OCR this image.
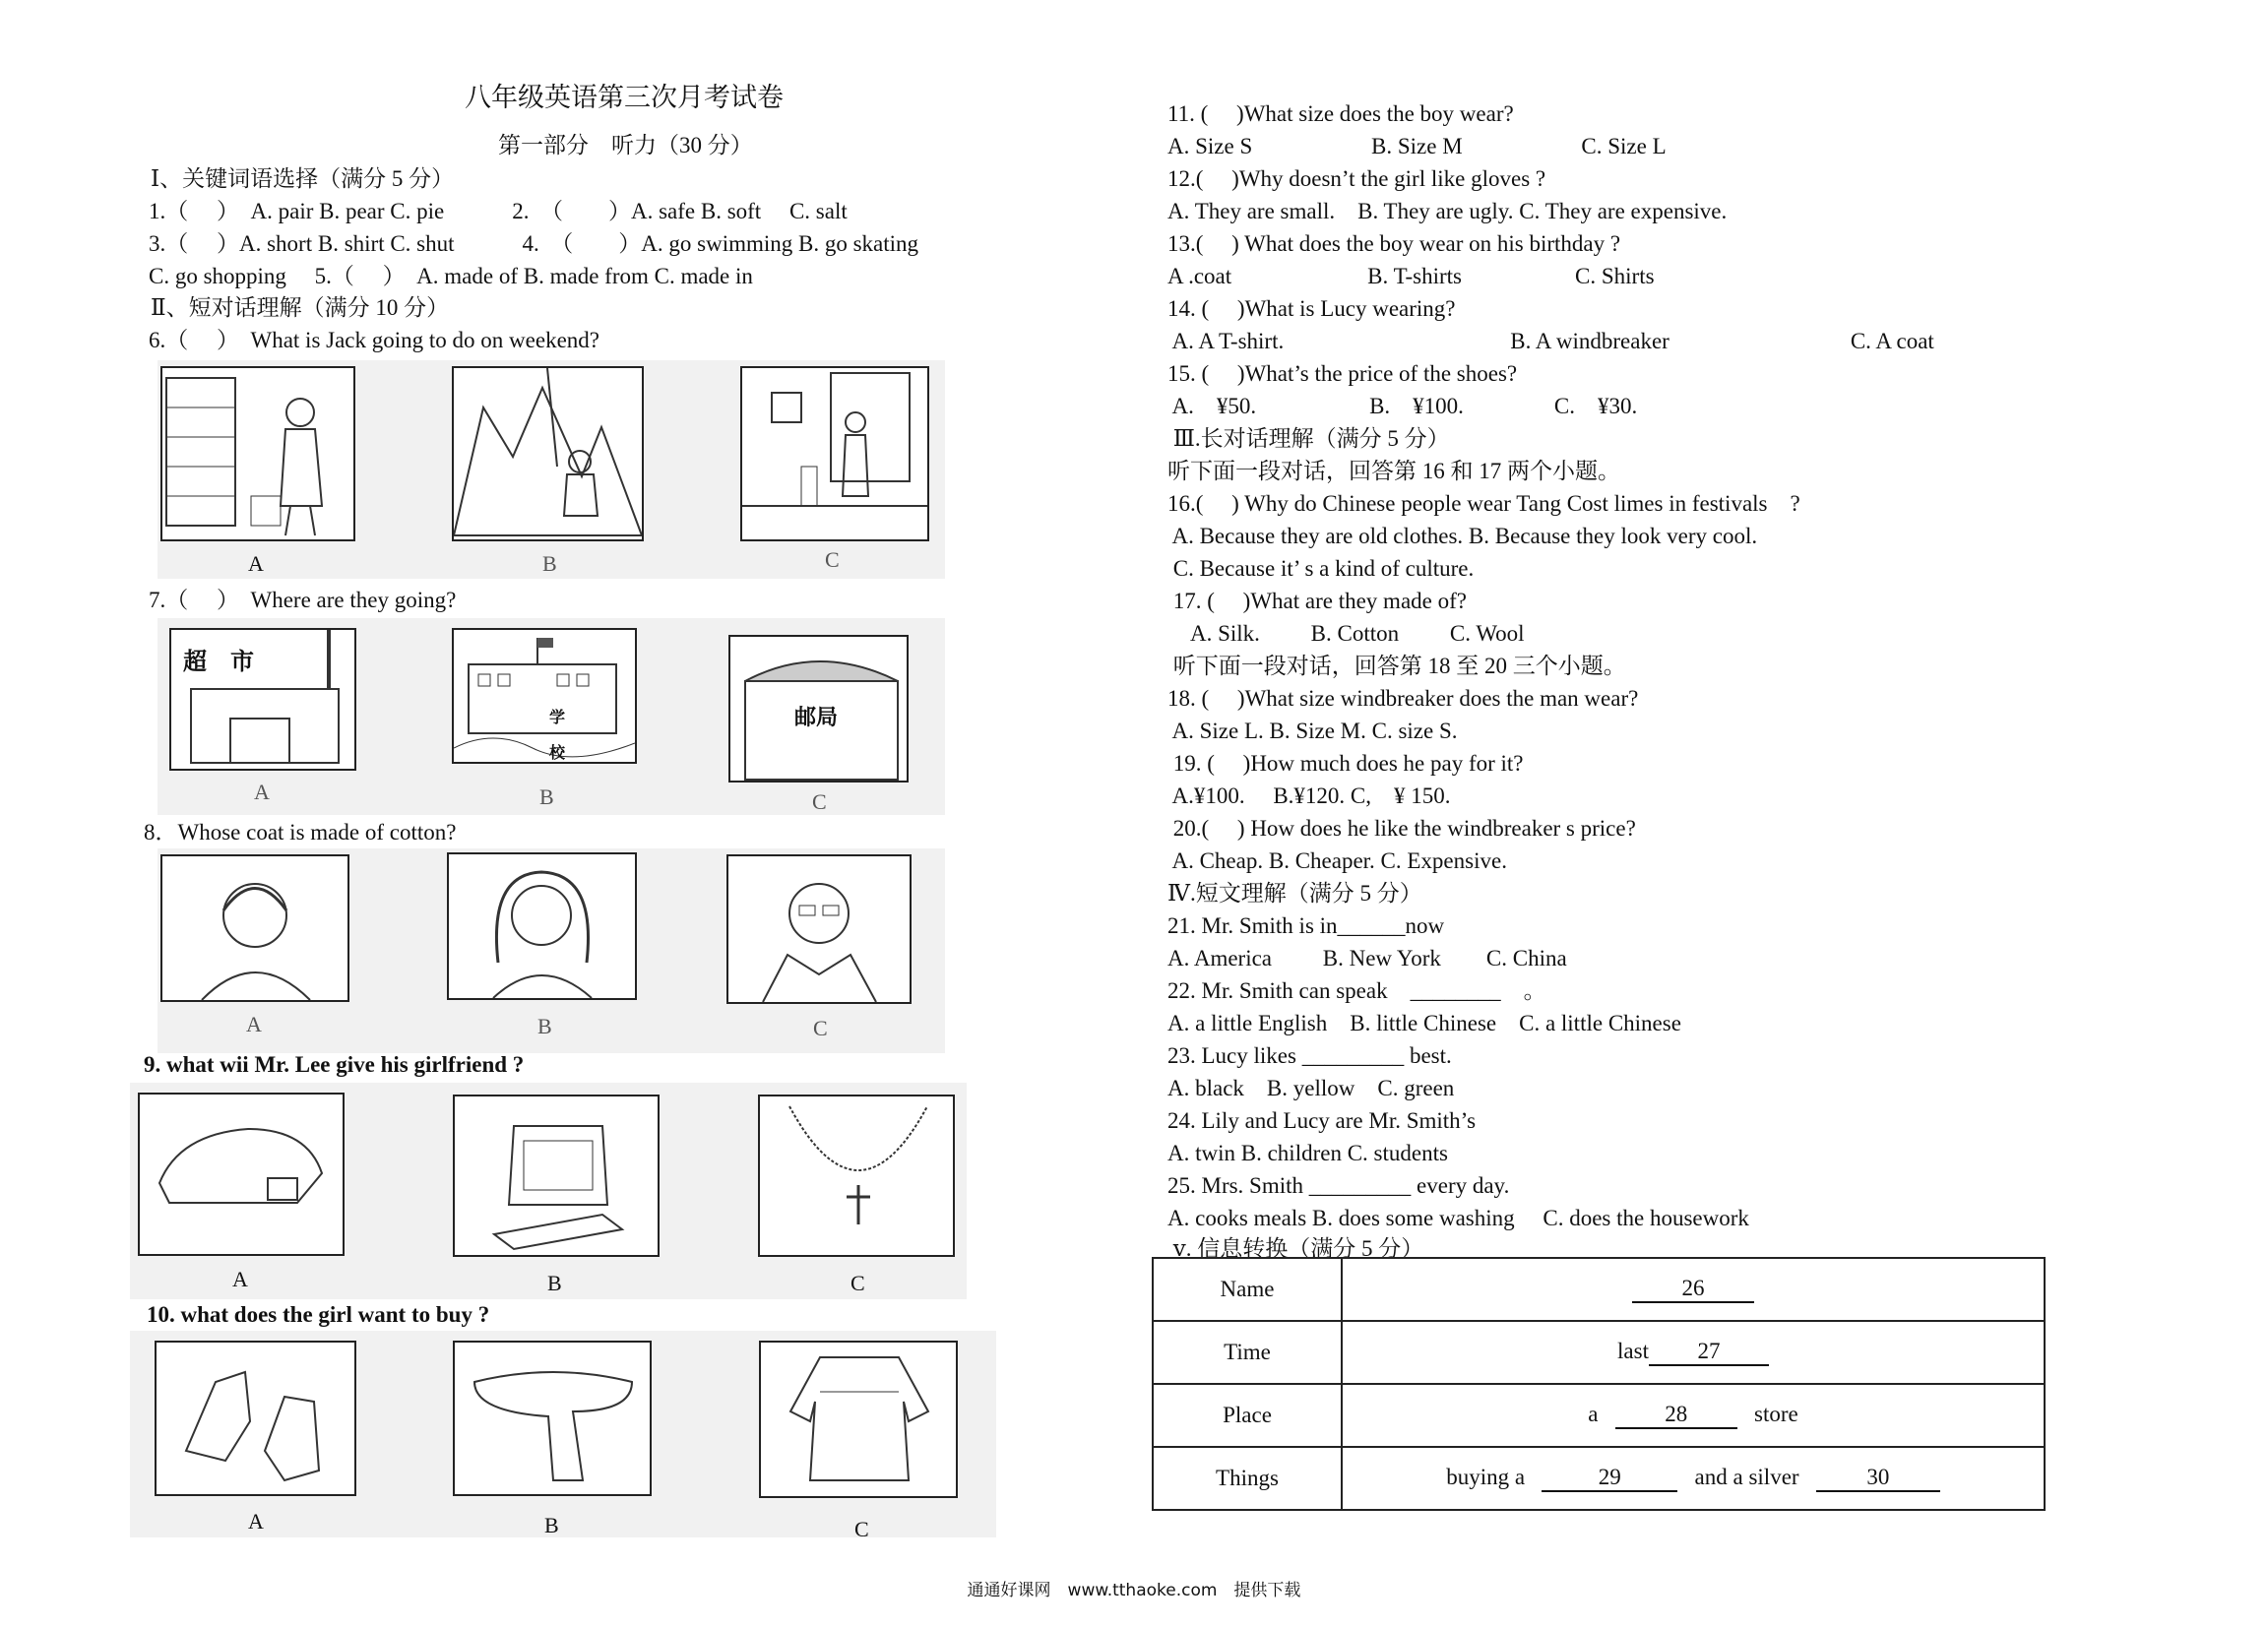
八年级英语第三次月考试卷
第一部分　听力（30 分）
Ⅰ、关键词语选择（满分 5 分）
1.（　 ）　A. pair B. pear C. pie　　　2.　（　　）A. safe B. soft　 C. salt
3.（　 ）A. short B. shirt C. shut　　　4.　（　　）A. go swimming B. go skating
C. go shopping　 5.（　 ）　A. made of B. made from C. made in
Ⅱ、短对话理解（满分 10 分）
6.（　 ）　What is Jack going to do on weekend?
A	B	C
7.（　 ）　Where are they going?
超　市
学
校
邮局
A	B	C
8．Whose coat is made of cotton?
A	B	C
9. what wii Mr. Lee give his girlfriend ?
A	B	C
10. what does the girl want to buy ?
A	B	C
11. (　 )What size does the boy wear?
A. Size S　　　　　 B. Size M　　　　　 C. Size L
12.(　 )Why doesn’t the girl like gloves ?
A. They are small.　B. They are ugly. C. They are expensive.
13.(　 ) What does the boy wear on his birthday ?
A .coat　　　　　　B. T-shirts　　　　　C. Shirts
14. (　 )What is Lucy wearing?
A. A T-shirt.　　　　　　　　　　B. A windbreaker　　　　　　　　C. A coat
15. (　 )What’s the price of the shoes?
A.　¥50.　　　　　B.　¥100.　　　　C.　¥30.
Ⅲ.长对话理解（满分 5 分）
听下面一段对话，回答第 16 和 17 两个小题。
16.(　 ) Why do Chinese people wear Tang Cost limes in festivals　?
A. Because they are old clothes. B. Because they look very cool.
C. Because it’ s a kind of culture.
17. (　 )What are they made of?
　A. Silk.　　 B. Cotton　　 C. Wool
听下面一段对话，回答第 18 至 20 三个小题。
18. (　 )What size windbreaker does the man wear?
A. Size L. B. Size M. C. size S.
19. (　 )How much does he pay for it?
A.¥100.　 B.¥120. C,　¥ 150.
20.(　 ) How does he like the windbreaker s price?
A. Cheap. B. Cheaper. C. Expensive.
Ⅳ.短文理解（满分 5 分）
21. Mr. Smith is in______now
A. America　　 B. New York　　C. China
22. Mr. Smith can speak　________　。
A. a little English　B. little Chinese　C. a little Chinese
23. Lucy likes _________ best.
A. black　B. yellow　C. green
24. Lily and Lucy are Mr. Smith’s
A. twin B. children C. students
25. Mrs. Smith _________ every day.
A. cooks meals B. does some washing　 C. does the housework
ⅴ. 信息转换（满分 5 分）
Name	26
Time	last 27
Place	a 28 store
Things	buying a 29 and a silver 30
通通好课网　www.tthaoke.com　提供下载
